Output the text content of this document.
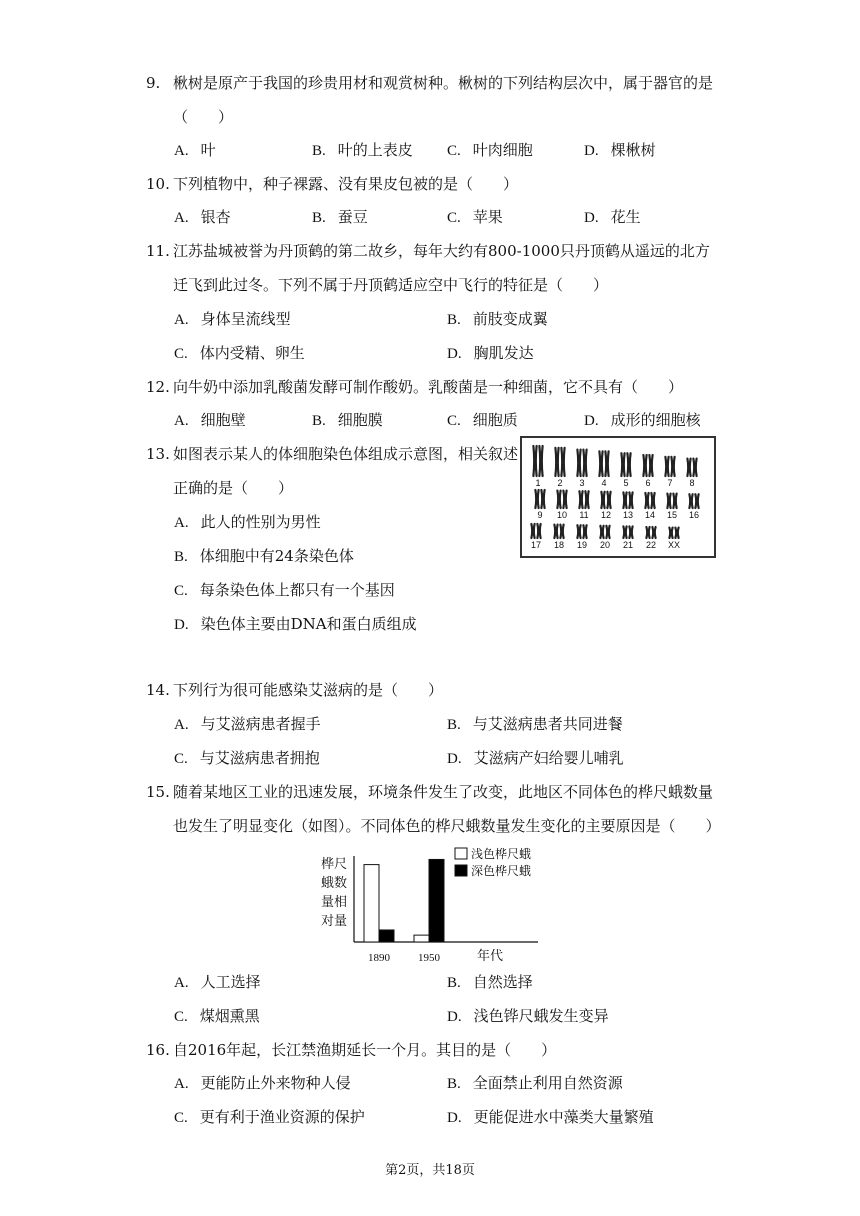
9. 楸树是原产于我国的珍贵用材和观赏树种。楸树的下列结构层次中，属于器官的是（　　）
A. 叶	B. 叶的上表皮 C. 叶肉细胞	D. 棵楸树
10. 下列植物中，种子裸露、没有果皮包被的是（　　）
A. 银杏	B. 蚕豆	C. 苹果	D. 花生
11. 江苏盐城被誉为丹顶鹤的第二故乡，每年大约有800-1000只丹顶鹤从遥远的北方迁飞到此过冬。下列不属于丹顶鹤适应空中飞行的特征是（　　）
A. 身体呈流线型	B. 前肢变成翼
C. 体内受精、卵生	D. 胸肌发达
12. 向牛奶中添加乳酸菌发酵可制作酸奶。乳酸菌是一种细菌，它不具有（　　）
A. 细胞壁	B. 细胞膜	C. 细胞质	D. 成形的细胞核
13. 如图表示某人的体细胞染色体组成示意图，相关叙述正确的是（　　）
A. 此人的性别为男性
B. 体细胞中有24条染色体
C. 每条染色体上都只有一个基因
D. 染色体主要由DNA和蛋白质组成
1 2 3 4 5 6 7 8
9 10 11 12 13 14 15 16
17 18 19 20 21 22 XX
14. 下列行为很可能感染艾滋病的是（　　）
A. 与艾滋病患者握手	B. 与艾滋病患者共同进餐
C. 与艾滋病患者拥抱	D. 艾滋病产妇给婴儿哺乳
15. 随着某地区工业的迅速发展，环境条件发生了改变，此地区不同体色的桦尺蛾数量也发生了明显变化（如图）。不同体色的桦尺蛾数量发生变化的主要原因是（　　）
桦尺
蛾数
量相
对量
1890	1950	年代
浅色桦尺蛾
深色桦尺蛾
A. 人工选择	B. 自然选择
C. 煤烟熏黑	D. 浅色铧尺蛾发生变异
16. 自2016年起，长江禁渔期延长一个月。其目的是（　　）
A. 更能防止外来物种人侵	B. 全面禁止利用自然资源
C. 更有利于渔业资源的保护	D. 更能促进水中藻类大量繁殖
第2页，共18页
